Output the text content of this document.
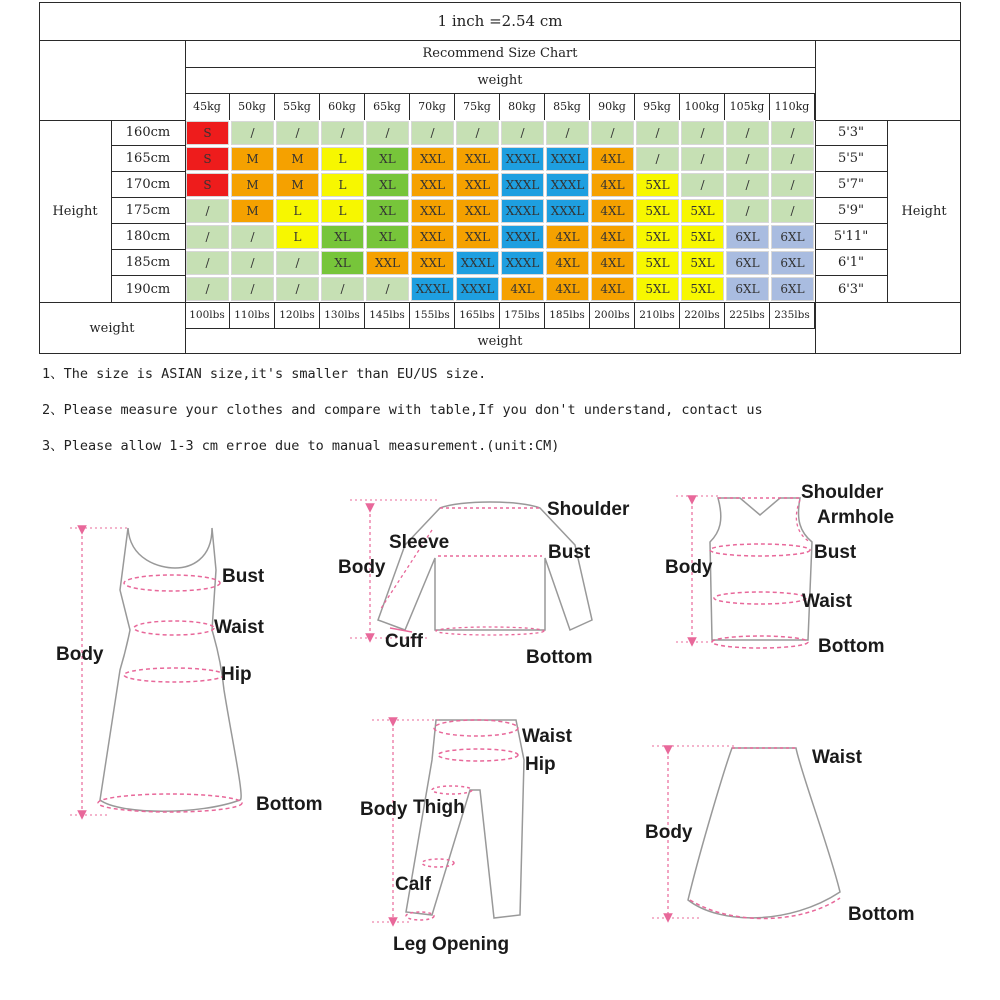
1 inch =2.54 cm
Recommend Size Chart
weight
Height
weight
Height
weight
45kg	50kg	55kg	60kg	65kg	70kg	75kg	80kg	85kg	90kg	95kg	100kg 105kg 110kg
100lbs 110lbs 120lbs 130lbs 145lbs 155lbs 165lbs 175lbs 185lbs 200lbs 210lbs 220lbs 225lbs 235lbs
160cm	S	/	/	/	/	/	/	/	/	/	/	/	/	/	5'3"
165cm	S	M	M	L	XL	XXL	XXL	XXXL XXXL	4XL	/	/	/	/	5'5"
170cm	S	M	M	L	XL	XXL	XXL	XXXL XXXL	4XL	5XL	/	/	/	5'7"
175cm	/	M	L	L	XL	XXL	XXL	XXXL XXXL	4XL	5XL	5XL	/	/	5'9"
180cm	/	/	L	XL	XL	XXL	XXL	XXXL	4XL	4XL	5XL	5XL	6XL	6XL	5'11"
185cm	/	/	/	XL	XXL	XXL	XXXL XXXL	4XL	4XL	5XL	5XL	6XL	6XL	6'1"
190cm	/	/	/	/	/	XXXL XXXL	4XL	4XL	4XL	5XL	5XL	6XL	6XL	6'3"
1、The size is ASIAN size,it's smaller than EU/US size.
2、Please measure your clothes and compare with table,If you don't understand, contact us
3、Please allow 1-3 cm erroe due to manual measurement.(unit:CM)
Bust
Waist
Body
Hip
Bottom
Shoulder
Sleeve
Body
Bust
Cuff
Bottom
Shoulder
Armhole
Body
Bust
Waist
Bottom
Waist
Hip
Body Thigh
Calf
Leg Opening
Waist
Body
Bottom
